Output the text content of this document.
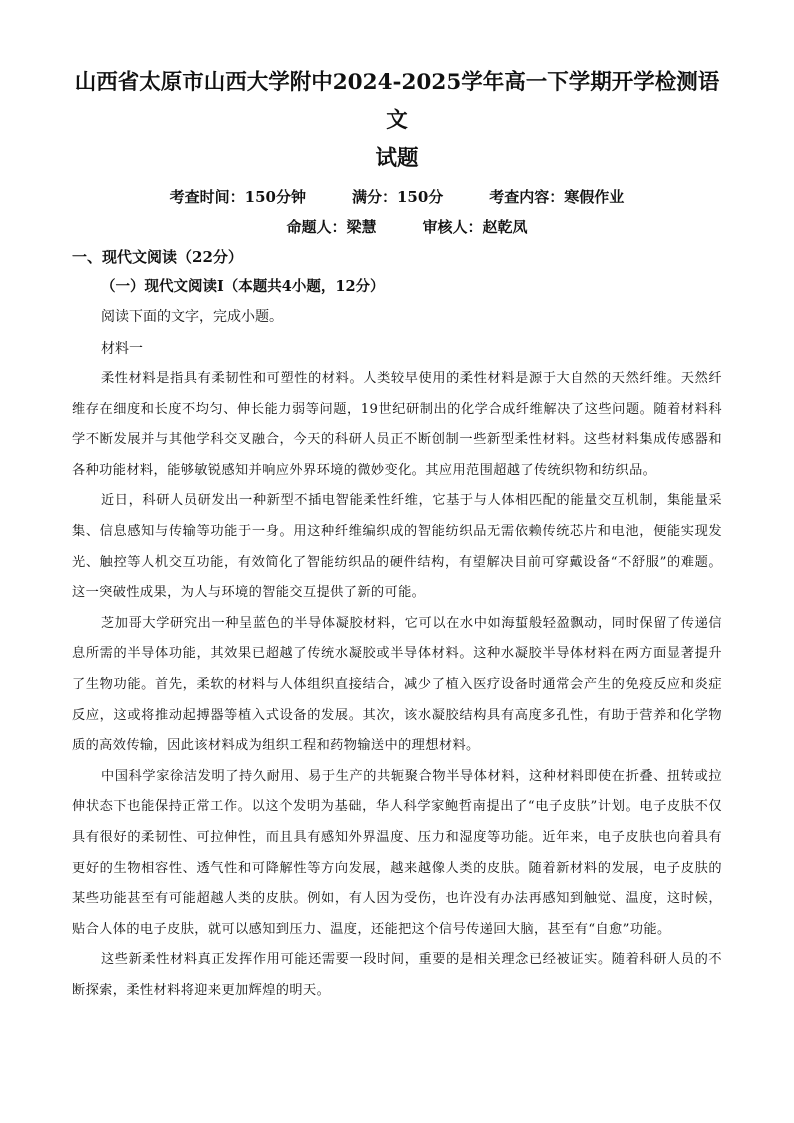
山西省太原市山西大学附中2024-2025学年高一下学期开学检测语文
试题
考查时间：150分钟	满分：150分	考查内容：寒假作业
命题人：梁慧	审核人：赵乾凤

一、现代文阅读（22分）

（一）现代文阅读Ⅰ（本题共4小题，12分）

阅读下面的文字，完成小题。

材料一

柔性材料是指具有柔韧性和可塑性的材料。人类较早使用的柔性材料是源于大自然的天然纤维。天然纤维存在细度和长度不均匀、伸长能力弱等问题，19世纪研制出的化学合成纤维解决了这些问题。随着材料科学不断发展并与其他学科交叉融合，今天的科研人员正不断创制一些新型柔性材料。这些材料集成传感器和各种功能材料，能够敏锐感知并响应外界环境的微妙变化。其应用范围超越了传统织物和纺织品。

近日，科研人员研发出一种新型不插电智能柔性纤维，它基于与人体相匹配的能量交互机制，集能量采集、信息感知与传输等功能于一身。用这种纤维编织成的智能纺织品无需依赖传统芯片和电池，便能实现发光、触控等人机交互功能，有效简化了智能纺织品的硬件结构，有望解决目前可穿戴设备“不舒服”的难题。这一突破性成果，为人与环境的智能交互提供了新的可能。

芝加哥大学研究出一种呈蓝色的半导体凝胶材料，它可以在水中如海蜇般轻盈飘动，同时保留了传递信息所需的半导体功能，其效果已超越了传统水凝胶或半导体材料。这种水凝胶半导体材料在两方面显著提升了生物功能。首先，柔软的材料与人体组织直接结合，减少了植入医疗设备时通常会产生的免疫反应和炎症反应，这或将推动起搏器等植入式设备的发展。其次，该水凝胶结构具有高度多孔性，有助于营养和化学物质的高效传输，因此该材料成为组织工程和药物输送中的理想材料。

中国科学家徐洁发明了持久耐用、易于生产的共轭聚合物半导体材料，这种材料即使在折叠、扭转或拉伸状态下也能保持正常工作。以这个发明为基础，华人科学家鲍哲南提出了“电子皮肤”计划。电子皮肤不仅具有很好的柔韧性、可拉伸性，而且具有感知外界温度、压力和湿度等功能。近年来，电子皮肤也向着具有更好的生物相容性、透气性和可降解性等方向发展，越来越像人类的皮肤。随着新材料的发展，电子皮肤的某些功能甚至有可能超越人类的皮肤。例如，有人因为受伤，也许没有办法再感知到触觉、温度，这时候，贴合人体的电子皮肤，就可以感知到压力、温度，还能把这个信号传递回大脑，甚至有“自愈”功能。

这些新柔性材料真正发挥作用可能还需要一段时间，重要的是相关理念已经被证实。随着科研人员的不断探索，柔性材料将迎来更加辉煌的明天。
